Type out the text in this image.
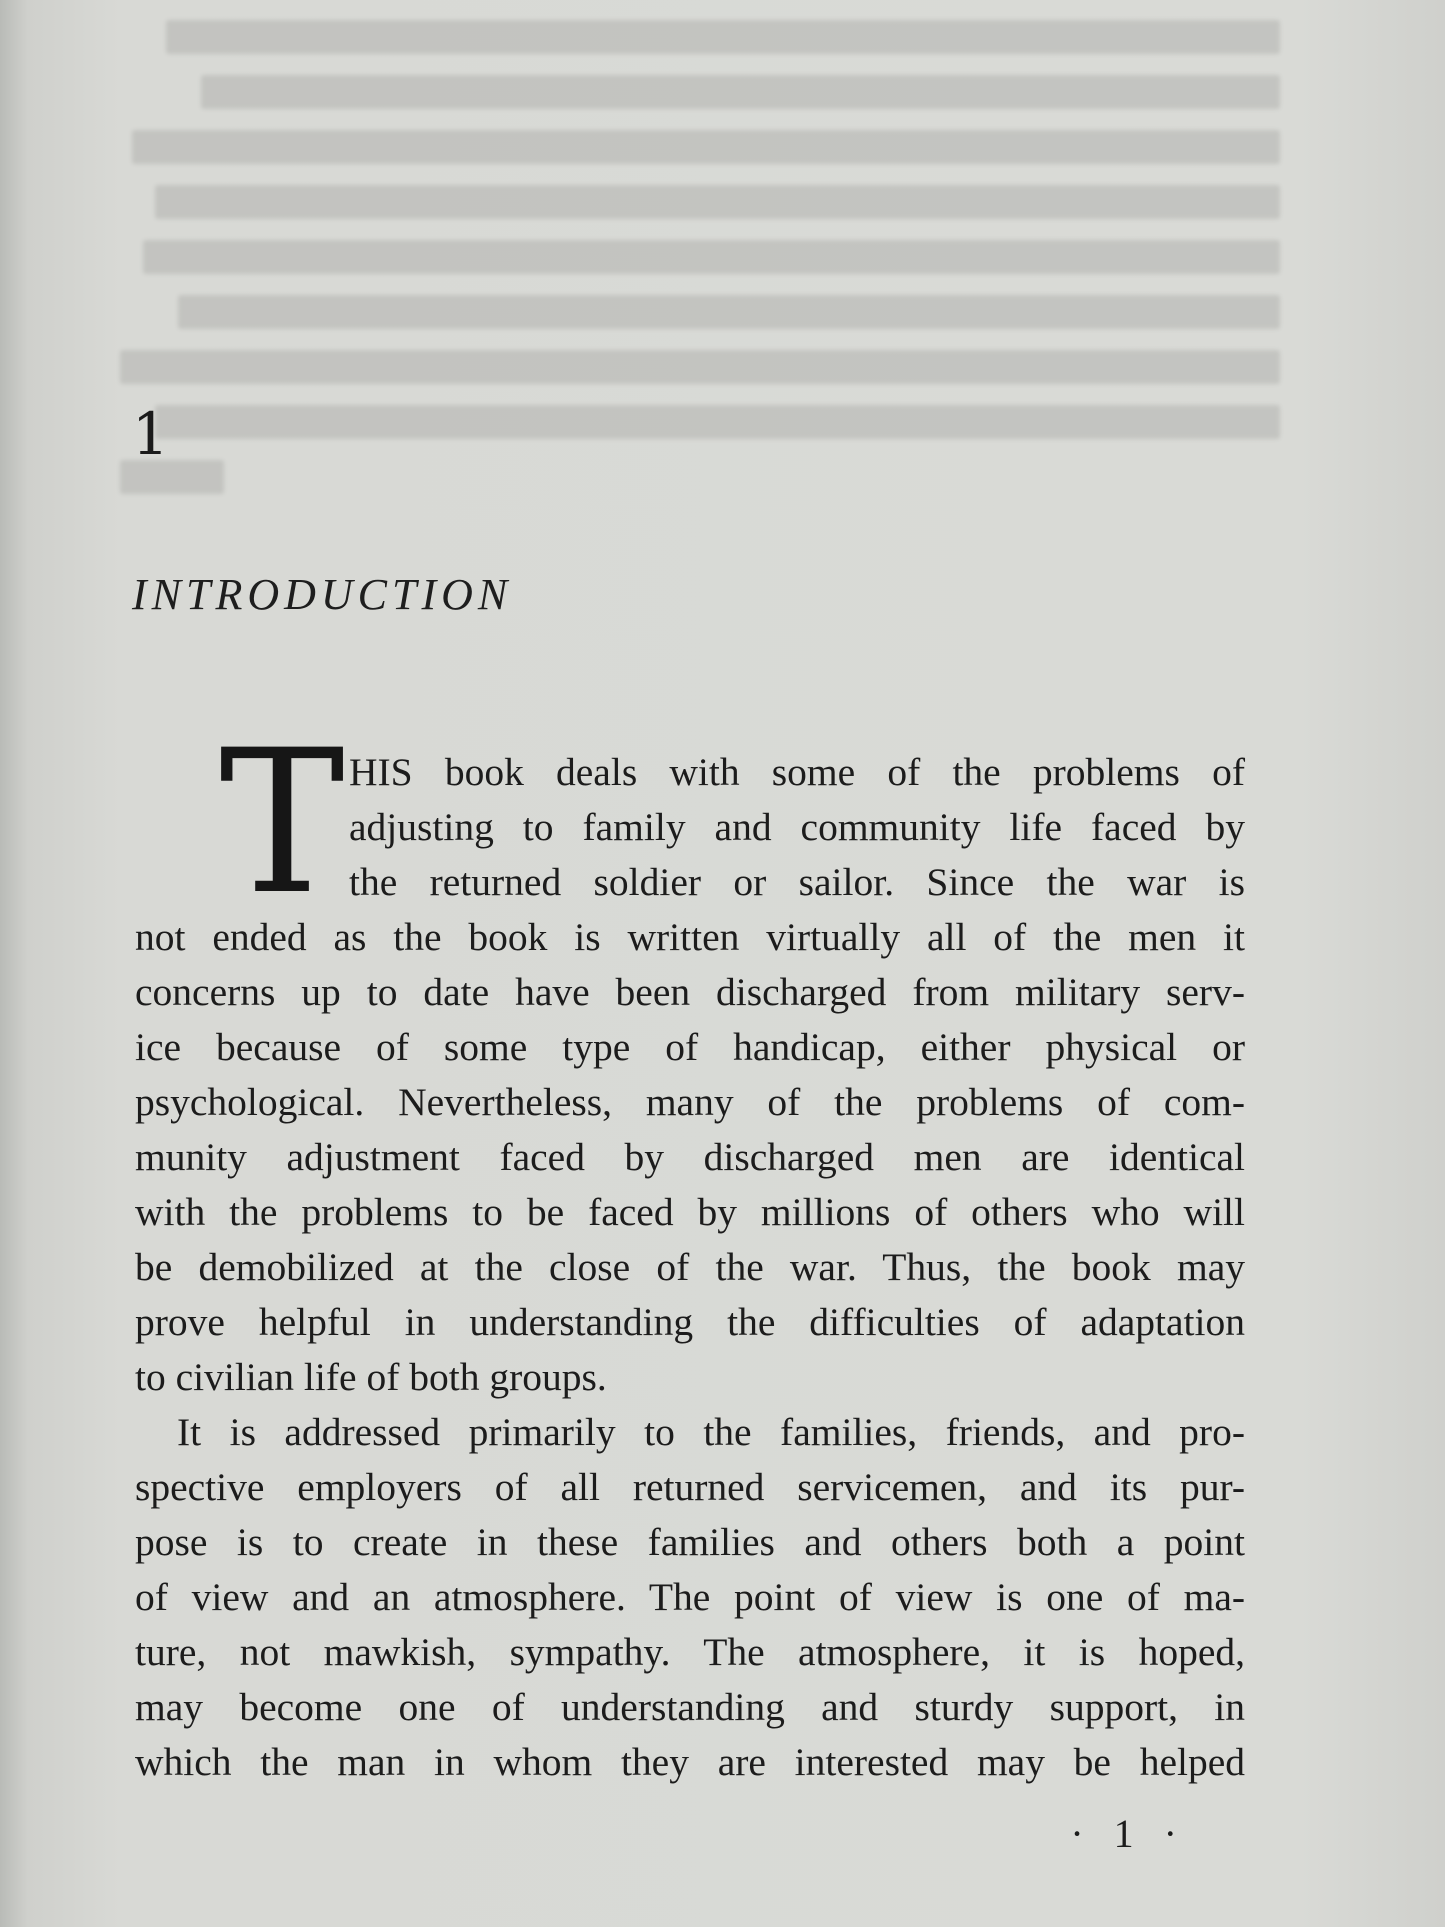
1
INTRODUCTION
T HIS book deals with some of the problems of
adjusting to family and community life faced by
the returned soldier or sailor. Since the war is
not ended as the book is written virtually all of the men it
concerns up to date have been discharged from military serv-
ice because of some type of handicap, either physical or
psychological. Nevertheless, many of the problems of com-
munity adjustment faced by discharged men are identical
with the problems to be faced by millions of others who will
be demobilized at the close of the war. Thus, the book may
prove helpful in understanding the difficulties of adaptation
to civilian life of both groups.
It is addressed primarily to the families, friends, and pro-
spective employers of all returned servicemen, and its pur-
pose is to create in these families and others both a point
of view and an atmosphere. The point of view is one of ma-
ture, not mawkish, sympathy. The atmosphere, it is hoped,
may become one of understanding and sturdy support, in
which the man in whom they are interested may be helped
· 1 ·
